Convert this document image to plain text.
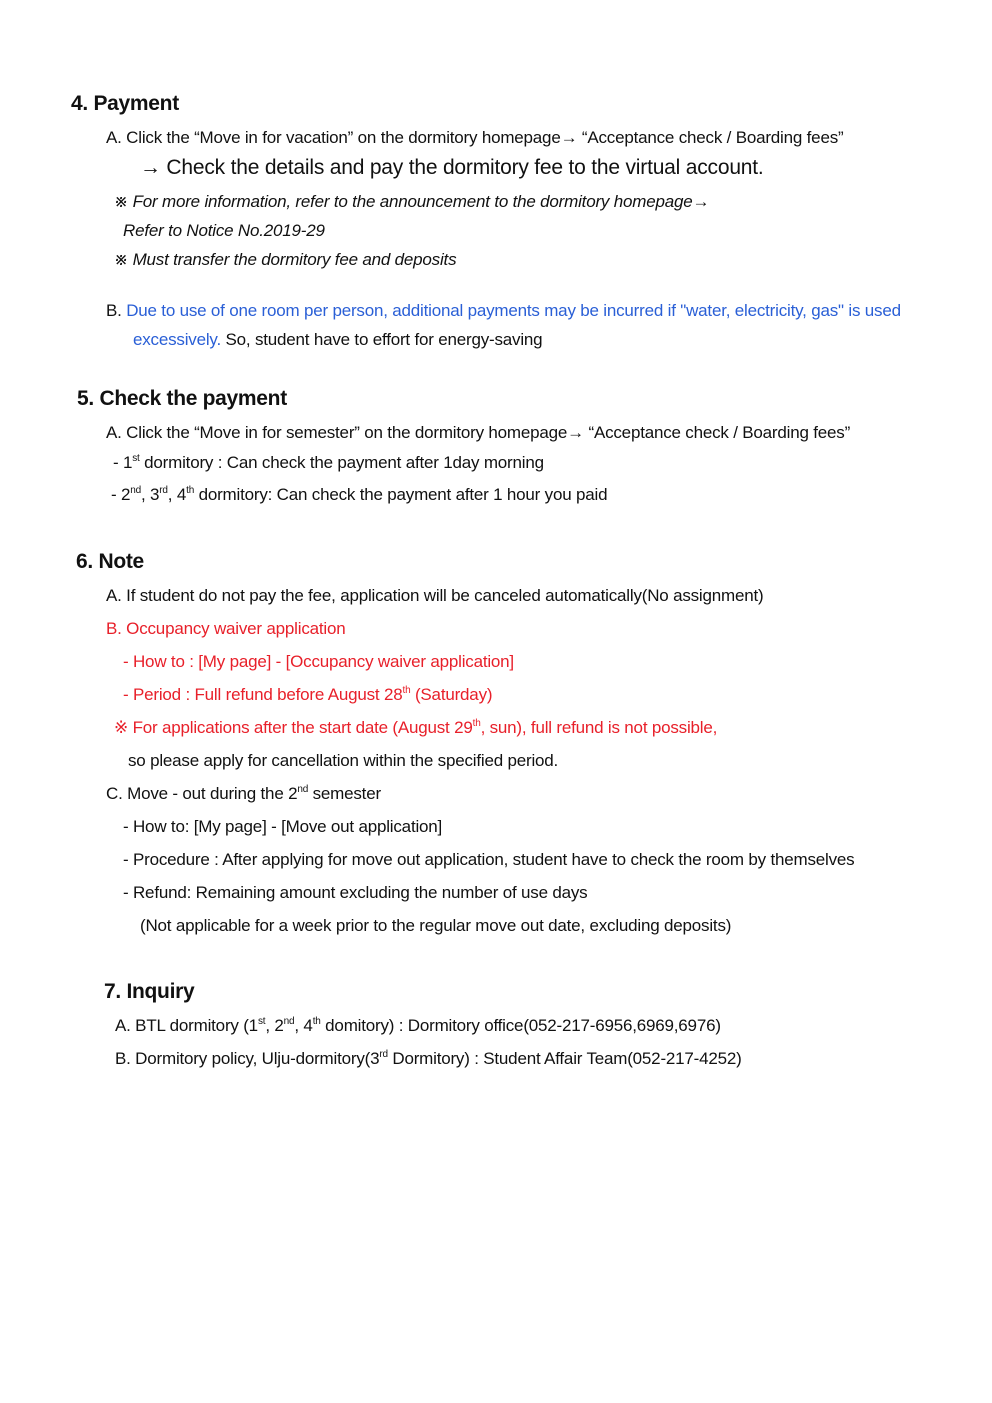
4. Payment
A. Click the “Move in for vacation” on the dormitory homepage→ “Acceptance check / Boarding fees”
→ Check the details and pay the dormitory fee to the virtual account.
※ For more information, refer to the announcement to the dormitory homepage→
Refer to Notice No.2019-29
※ Must transfer the dormitory fee and deposits
B. Due to use of one room per person, additional payments may be incurred if "water, electricity, gas" is used
excessively. So, student have to effort for energy-saving
5. Check the payment
A. Click the “Move in for semester” on the dormitory homepage→ “Acceptance check / Boarding fees”
- 1st dormitory : Can check the payment after 1day morning
- 2nd, 3rd, 4th dormitory: Can check the payment after 1 hour you paid
6. Note
A. If student do not pay the fee, application will be canceled automatically(No assignment)
B. Occupancy waiver application
- How to : [My page] - [Occupancy waiver application]
- Period : Full refund before August 28th (Saturday)
※ For applications after the start date (August 29th, sun), full refund is not possible,
so please apply for cancellation within the specified period.
C. Move - out during the 2nd semester
- How to: [My page] - [Move out application]
- Procedure : After applying for move out application, student have to check the room by themselves
- Refund: Remaining amount excluding the number of use days
(Not applicable for a week prior to the regular move out date, excluding deposits)
7. Inquiry
A. BTL dormitory (1st, 2nd, 4th domitory) : Dormitory office(052-217-6956,6969,6976)
B. Dormitory policy, Ulju-dormitory(3rd Dormitory) : Student Affair Team(052-217-4252)
